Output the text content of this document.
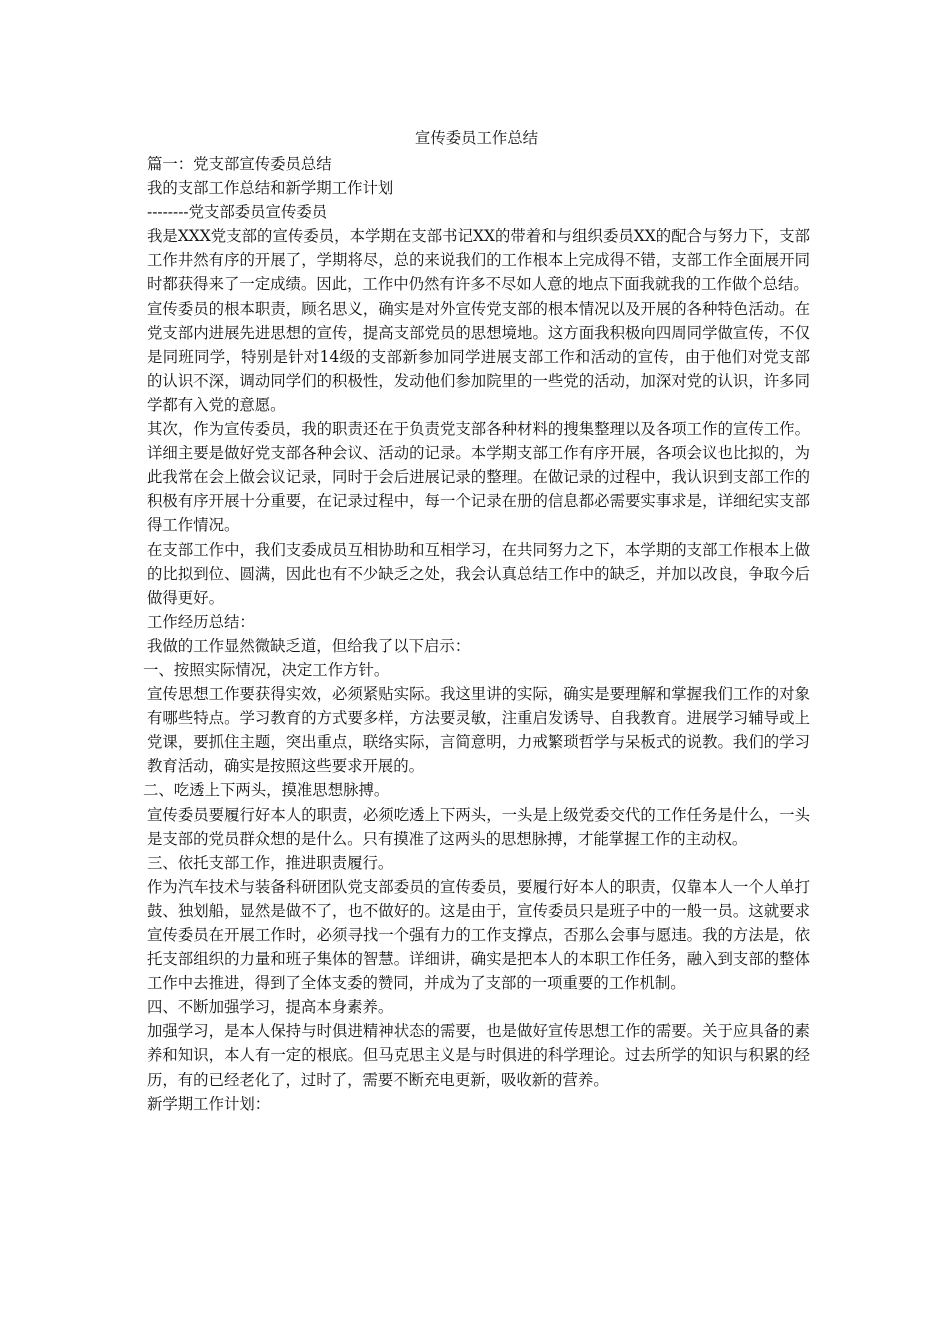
宣传委员工作总结

篇一：党支部宣传委员总结

我的支部工作总结和新学期工作计划

--------党支部委员宣传委员

我是XXX党支部的宣传委员，本学期在支部书记XX的带着和与组织委员XX的配合与努力下，支部工作井然有序的开展了，学期将尽，总的来说我们的工作根本上完成得不错，支部工作全面展开同时都获得来了一定成绩。因此，工作中仍然有许多不尽如人意的地点下面我就我的工作做个总结。

宣传委员的根本职责，顾名思义，确实是对外宣传党支部的根本情况以及开展的各种特色活动。在党支部内进展先进思想的宣传，提高支部党员的思想境地。这方面我积极向四周同学做宣传，不仅是同班同学，特别是针对14级的支部新参加同学进展支部工作和活动的宣传，由于他们对党支部的认识不深，调动同学们的积极性，发动他们参加院里的一些党的活动，加深对党的认识，许多同学都有入党的意愿。

其次，作为宣传委员，我的职责还在于负责党支部各种材料的搜集整理以及各项工作的宣传工作。详细主要是做好党支部各种会议、活动的记录。本学期支部工作有序开展，各项会议也比拟的，为此我常在会上做会议记录，同时于会后进展记录的整理。在做记录的过程中，我认识到支部工作的积极有序开展十分重要，在记录过程中，每一个记录在册的信息都必需要实事求是，详细纪实支部得工作情况。

在支部工作中，我们支委成员互相协助和互相学习，在共同努力之下，本学期的支部工作根本上做的比拟到位、圆满，因此也有不少缺乏之处，我会认真总结工作中的缺乏，并加以改良，争取今后做得更好。

工作经历总结：

我做的工作显然微缺乏道，但给我了以下启示：

一、按照实际情况，决定工作方针。

宣传思想工作要获得实效，必须紧贴实际。我这里讲的实际，确实是要理解和掌握我们工作的对象有哪些特点。学习教育的方式要多样，方法要灵敏，注重启发诱导、自我教育。进展学习辅导或上党课，要抓住主题，突出重点，联络实际，言简意明，力戒繁琐哲学与呆板式的说教。我们的学习教育活动，确实是按照这些要求开展的。

二、吃透上下两头，摸准思想脉搏。

宣传委员要履行好本人的职责，必须吃透上下两头，一头是上级党委交代的工作任务是什么，一头是支部的党员群众想的是什么。只有摸准了这两头的思想脉搏，才能掌握工作的主动权。

三、依托支部工作，推进职责履行。

作为汽车技术与装备科研团队党支部委员的宣传委员，要履行好本人的职责，仅靠本人一个人单打鼓、独划船，显然是做不了，也不做好的。这是由于，宣传委员只是班子中的一般一员。这就要求宣传委员在开展工作时，必须寻找一个强有力的工作支撑点，否那么会事与愿违。我的方法是，依托支部组织的力量和班子集体的智慧。详细讲，确实是把本人的本职工作任务，融入到支部的整体工作中去推进，得到了全体支委的赞同，并成为了支部的一项重要的工作机制。

四、不断加强学习，提高本身素养。

加强学习，是本人保持与时俱进精神状态的需要，也是做好宣传思想工作的需要。关于应具备的素养和知识，本人有一定的根底。但马克思主义是与时俱进的科学理论。过去所学的知识与积累的经历，有的已经老化了，过时了，需要不断充电更新，吸收新的营养。

新学期工作计划：
